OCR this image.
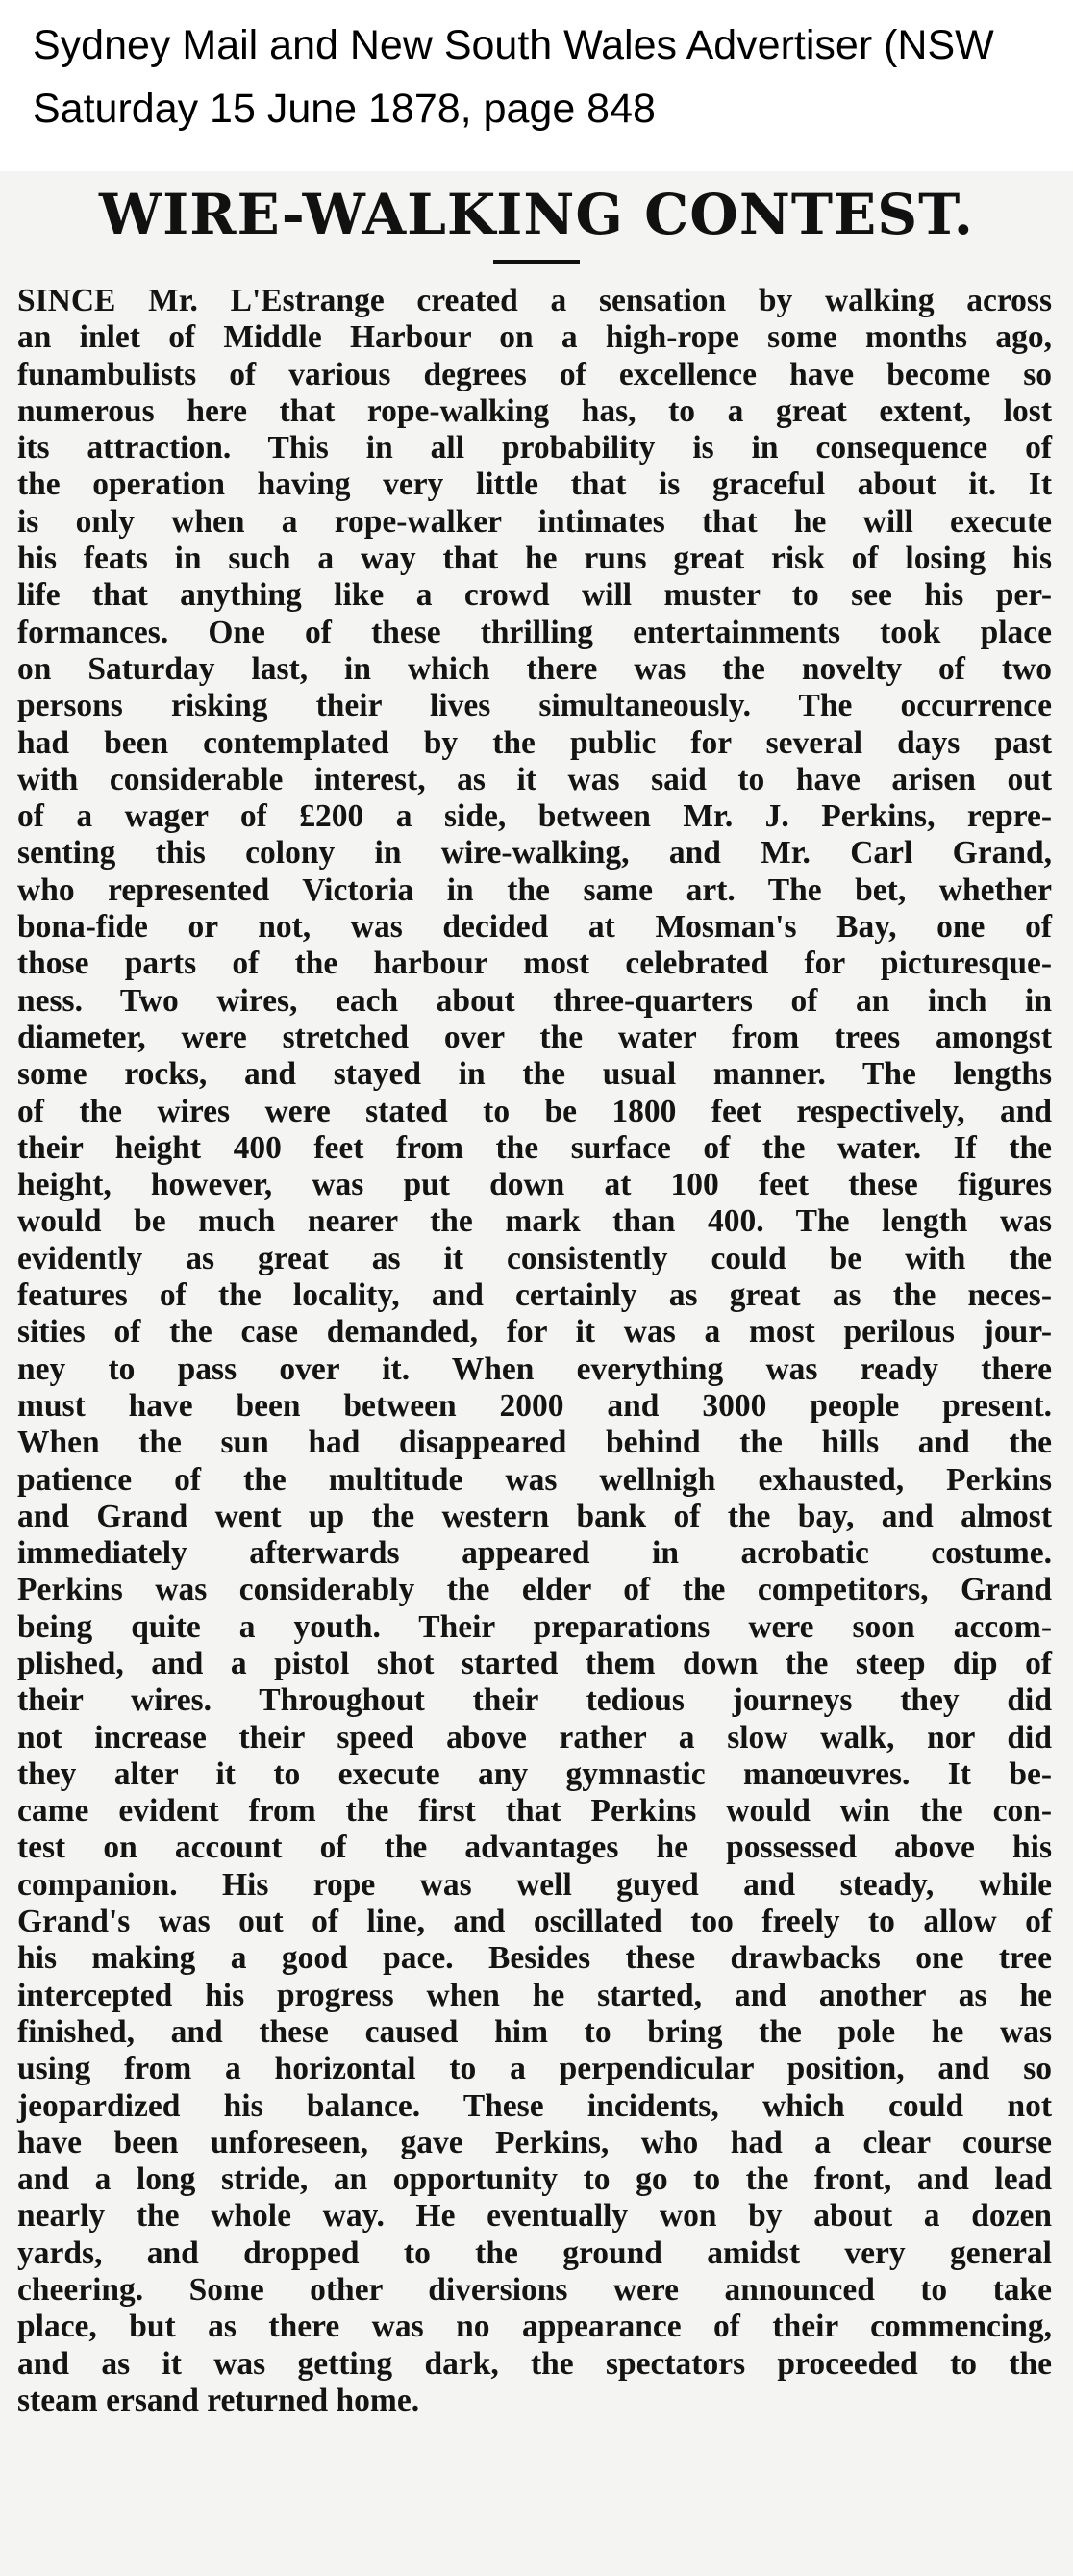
Sydney Mail and New South Wales Advertiser (NSW
Saturday 15 June 1878, page 848
WIRE-WALKING CONTEST.
SINCE Mr. L'Estrange created a sensation by walking across
an inlet of Middle Harbour on a high-rope some months ago,
funambulists of various degrees of excellence have become so
numerous here that rope-walking has, to a great extent, lost
its attraction. This in all probability is in consequence of
the operation having very little that is graceful about it. It
is only when a rope-walker intimates that he will execute
his feats in such a way that he runs great risk of losing his
life that anything like a crowd will muster to see his per-
formances. One of these thrilling entertainments took place
on Saturday last, in which there was the novelty of two
persons risking their lives simultaneously. The occurrence
had been contemplated by the public for several days past
with considerable interest, as it was said to have arisen out
of a wager of £200 a side, between Mr. J. Perkins, repre-
senting this colony in wire-walking, and Mr. Carl Grand,
who represented Victoria in the same art. The bet, whether
bona-fide or not, was decided at Mosman's Bay, one of
those parts of the harbour most celebrated for picturesque-
ness. Two wires, each about three-quarters of an inch in
diameter, were stretched over the water from trees amongst
some rocks, and stayed in the usual manner. The lengths
of the wires were stated to be 1800 feet respectively, and
their height 400 feet from the surface of the water. If the
height, however, was put down at 100 feet these figures
would be much nearer the mark than 400. The length was
evidently as great as it consistently could be with the
features of the locality, and certainly as great as the neces-
sities of the case demanded, for it was a most perilous jour-
ney to pass over it. When everything was ready there
must have been between 2000 and 3000 people present.
When the sun had disappeared behind the hills and the
patience of the multitude was wellnigh exhausted, Perkins
and Grand went up the western bank of the bay, and almost
immediately afterwards appeared in acrobatic costume.
Perkins was considerably the elder of the competitors, Grand
being quite a youth. Their preparations were soon accom-
plished, and a pistol shot started them down the steep dip of
their wires. Throughout their tedious journeys they did
not increase their speed above rather a slow walk, nor did
they alter it to execute any gymnastic manœuvres. It be-
came evident from the first that Perkins would win the con-
test on account of the advantages he possessed above his
companion. His rope was well guyed and steady, while
Grand's was out of line, and oscillated too freely to allow of
his making a good pace. Besides these drawbacks one tree
intercepted his progress when he started, and another as he
finished, and these caused him to bring the pole he was
using from a horizontal to a perpendicular position, and so
jeopardized his balance. These incidents, which could not
have been unforeseen, gave Perkins, who had a clear course
and a long stride, an opportunity to go to the front, and lead
nearly the whole way. He eventually won by about a dozen
yards, and dropped to the ground amidst very general
cheering. Some other diversions were announced to take
place, but as there was no appearance of their commencing,
and as it was getting dark, the spectators proceeded to the
steam ersand returned home.
